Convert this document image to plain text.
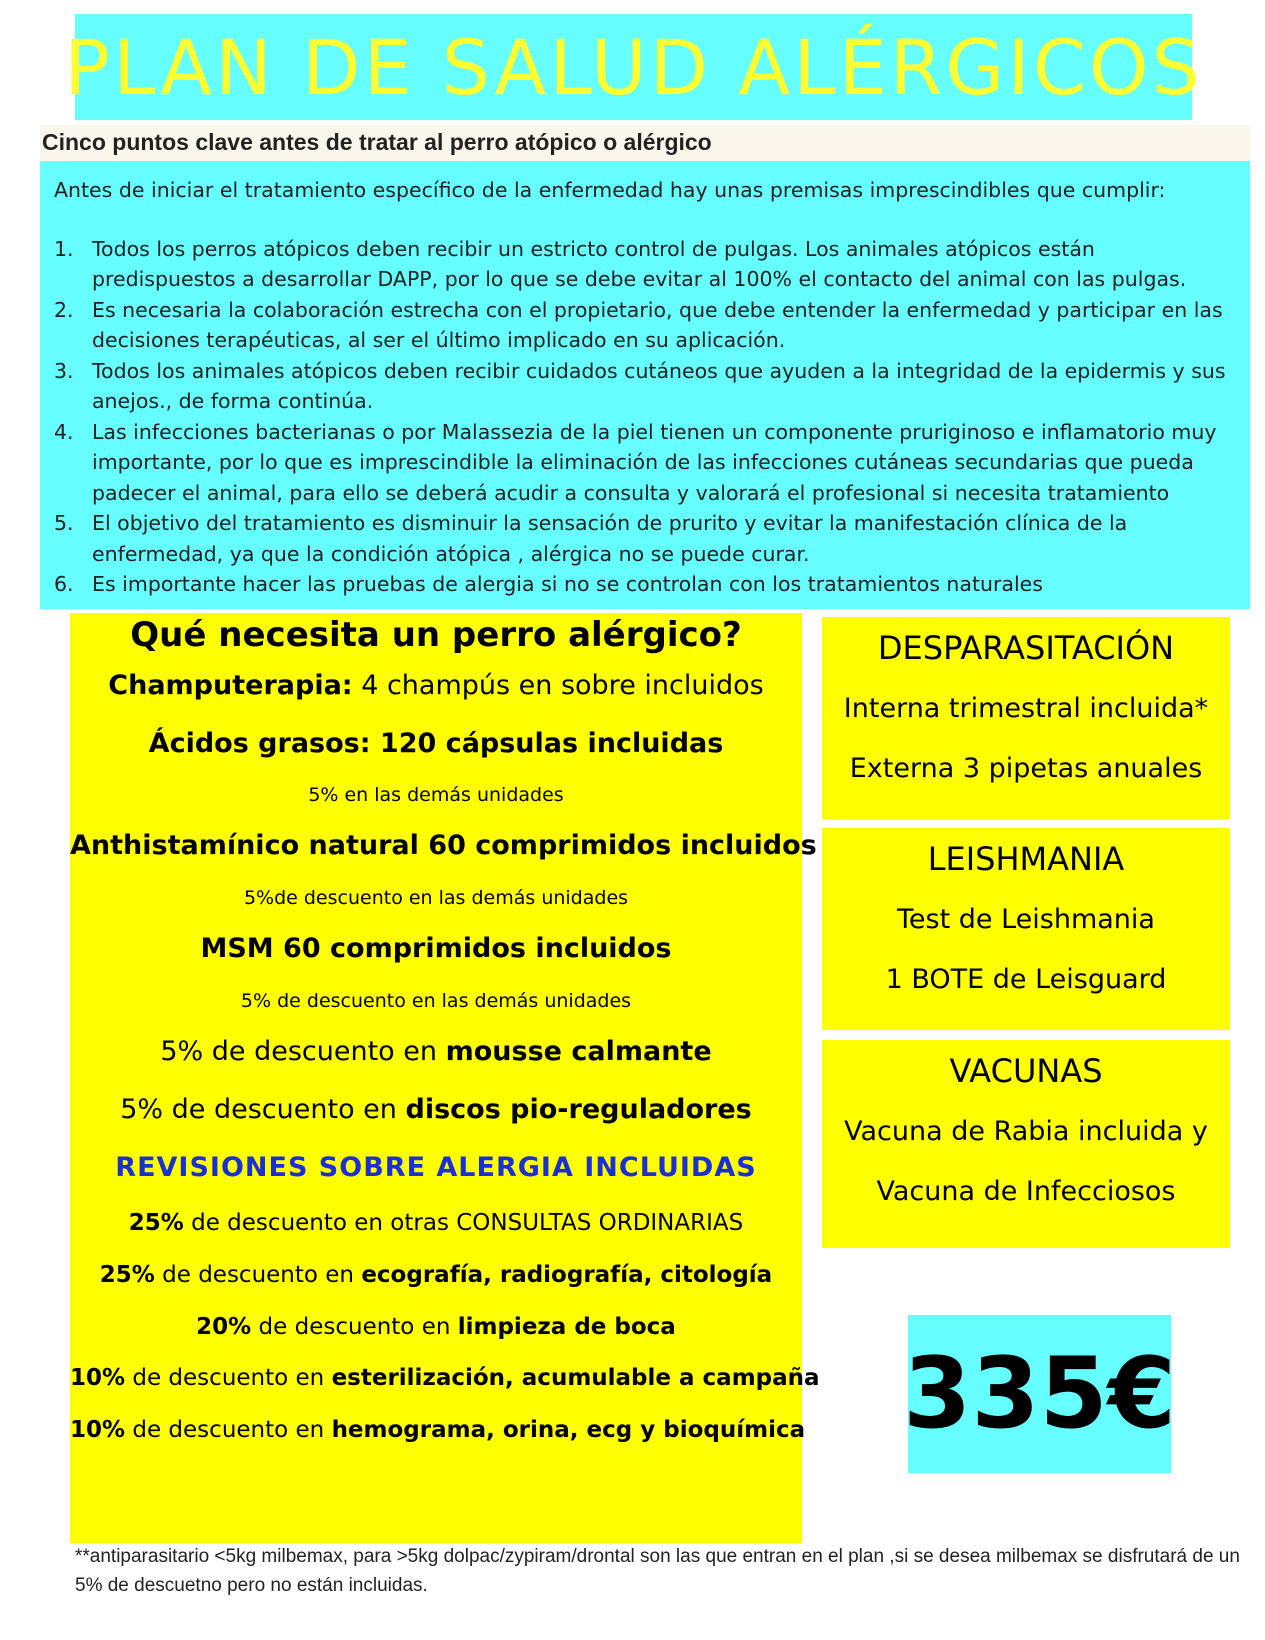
PLAN DE SALUD ALÉRGICOS
Cinco puntos clave antes de tratar al perro atópico o alérgico

Antes de iniciar el tratamiento específico de la enfermedad hay unas premisas imprescindibles que cumplir:

1. Todos los perros atópicos deben recibir un estricto control de pulgas. Los animales atópicos están predispuestos a desarrollar DAPP, por lo que se debe evitar al 100% el contacto del animal con las pulgas.
2. Es necesaria la colaboración estrecha con el propietario, que debe entender la enfermedad y participar en las decisiones terapéuticas, al ser el último implicado en su aplicación.
3. Todos los animales atópicos deben recibir cuidados cutáneos que ayuden a la integridad de la epidermis y sus anejos., de forma continúa.
4. Las infecciones bacterianas o por Malassezia de la piel tienen un componente pruriginoso e inflamatorio muy importante, por lo que es imprescindible la eliminación de las infecciones cutáneas secundarias que pueda padecer el animal, para ello se deberá acudir a consulta y valorará el profesional si necesita tratamiento
5. El objetivo del tratamiento es disminuir la sensación de prurito y evitar la manifestación clínica de la enfermedad, ya que la condición atópica , alérgica no se puede curar.
6. Es importante hacer las pruebas de alergia si no se controlan con los tratamientos naturales
Qué necesita un perro alérgico?
Champuterapia: 4 champús en sobre incluidos
Ácidos grasos: 120 cápsulas incluidas
5% en las demás unidades
Anthistamínico natural 60 comprimidos incluidos
5%de descuento en las demás unidades
MSM 60 comprimidos incluidos
5% de descuento en las demás unidades
5% de descuento en mousse calmante
5% de descuento en discos pio-reguladores
REVISIONES SOBRE ALERGIA INCLUIDAS
25% de descuento en otras CONSULTAS ORDINARIAS
25% de descuento en ecografía, radiografía, citología
20% de descuento en limpieza de boca
10% de descuento en esterilización, acumulable a campaña
10% de descuento en hemograma, orina, ecg y bioquímica
DESPARASITACIÓN
Interna trimestral incluida*
Externa 3 pipetas anuales
LEISHMANIA
Test de Leishmania
1 BOTE de Leisguard
VACUNAS
Vacuna de Rabia incluida y
Vacuna de Infecciosos
335€
**antiparasitario <5kg milbemax, para >5kg dolpac/zypiram/drontal son las que entran en el plan ,si se desea milbemax se disfrutará de un 5% de descuetno pero no están incluidas.
